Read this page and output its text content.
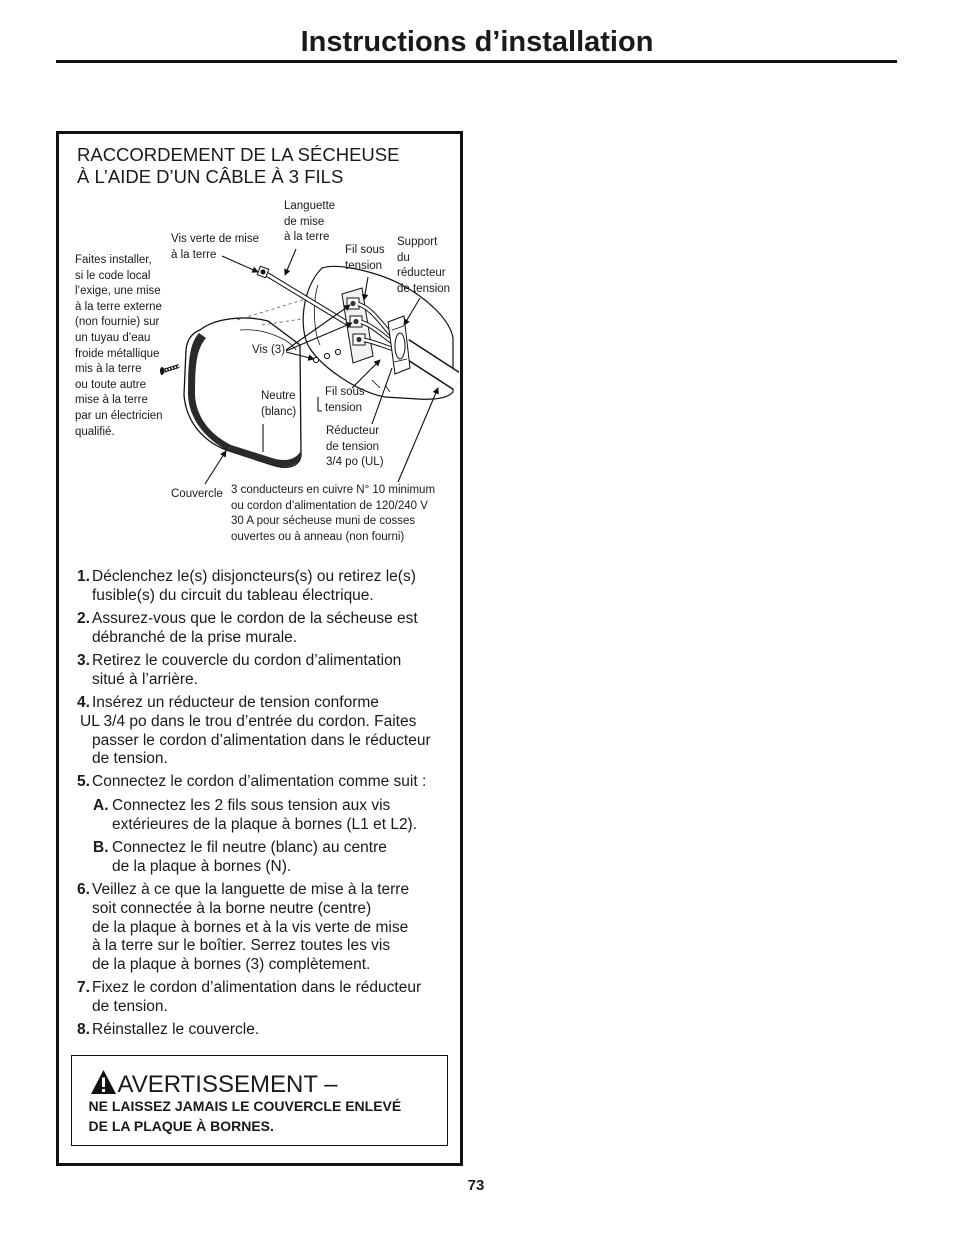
Instructions d’installation
RACCORDEMENT DE LA SÉCHEUSE
À L’AIDE D’UN CÂBLE À 3 FILS
Faites installer,
si le code local
l’exige, une mise
à la terre externe
(non fournie) sur
un tuyau d’eau
froide métallique
mis à la terre
ou toute autre
mise à la terre
par un électricien
qualifié.
Vis verte de mise
à la terre
Languette
de mise
à la terre
Fil sous
tension
Support
du
réducteur
de tension
Vis (3)
Neutre
(blanc)
Fil sous
tension
Réducteur
de tension
3/4 po (UL)
Couvercle 3 conducteurs en cuivre N° 10 minimum
ou cordon d’alimentation de 120/240 V
30 A pour sécheuse muni de cosses
ouvertes ou à anneau (non fourni)
1. Déclenchez le(s) disjoncteurs(s) ou retirez le(s)
fusible(s) du circuit du tableau électrique.
2. Assurez-vous que le cordon de la sécheuse est
débranché de la prise murale.
3. Retirez le couvercle du cordon d’alimentation
situé à l’arrière.
4. Insérez un réducteur de tension conforme
UL 3/4 po dans le trou d’entrée du cordon. Faites
passer le cordon d’alimentation dans le réducteur
de tension.
5. Connectez le cordon d’alimentation comme suit :
A. Connectez les 2 fils sous tension aux vis
extérieures de la plaque à bornes (L1 et L2).
B. Connectez le fil neutre (blanc) au centre
de la plaque à bornes (N).
6. Veillez à ce que la languette de mise à la terre
soit connectée à la borne neutre (centre)
de la plaque à bornes et à la vis verte de mise
à la terre sur le boîtier. Serrez toutes les vis
de la plaque à bornes (3) complètement.
7. Fixez le cordon d’alimentation dans le réducteur
de tension.
8. Réinstallez le couvercle.
AVERTISSEMENT –
NE LAISSEZ JAMAIS LE COUVERCLE ENLEVÉ
DE LA PLAQUE À BORNES.
73
